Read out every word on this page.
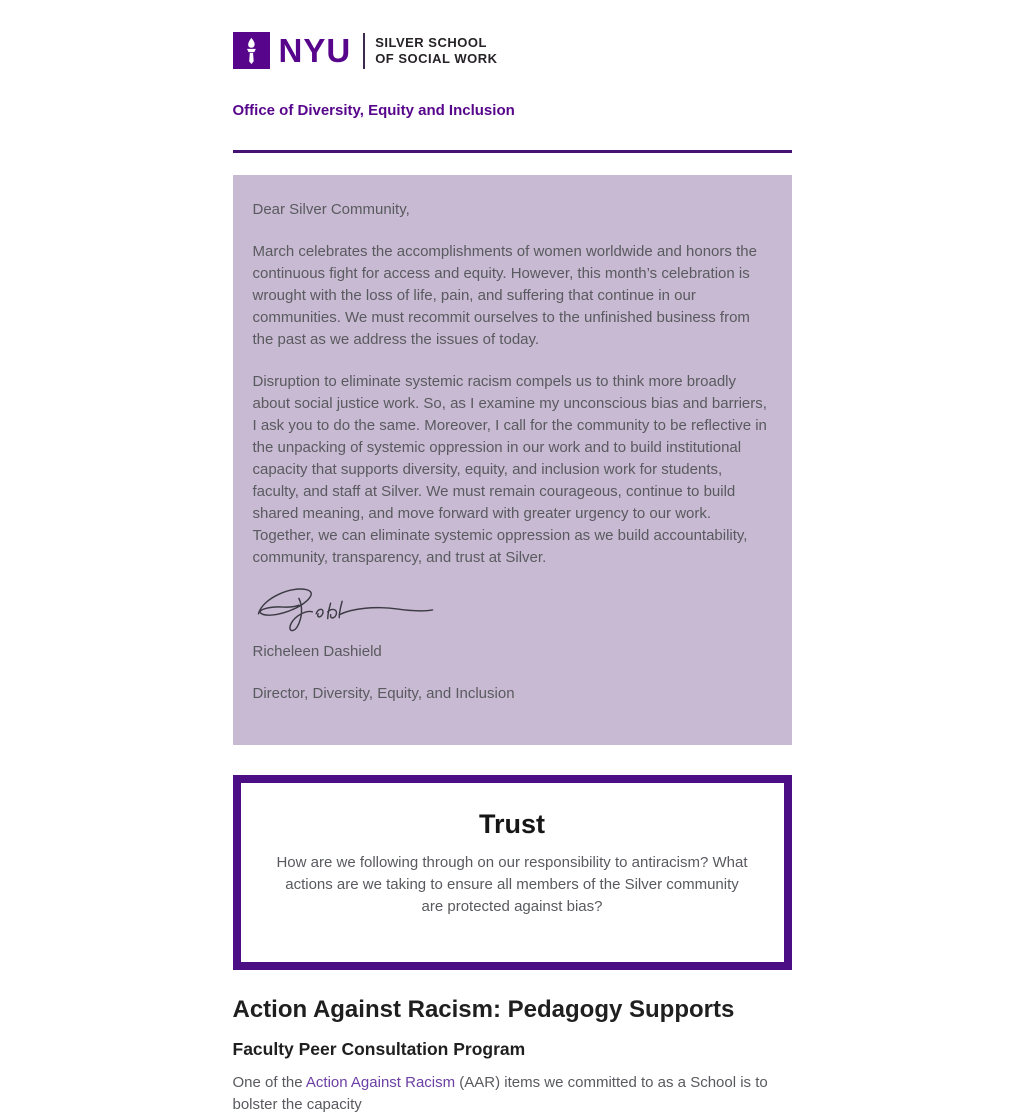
NYU SILVER SCHOOL
OF SOCIAL WORK
Office of Diversity, Equity and Inclusion

Dear Silver Community,

March celebrates the accomplishments of women worldwide and honors the continuous fight for access and equity. However, this month’s celebration is wrought with the loss of life, pain, and suffering that continue in our communities. We must recommit ourselves to the unfinished business from the past as we address the issues of today.

Disruption to eliminate systemic racism compels us to think more broadly about social justice work. So, as I examine my unconscious bias and barriers, I ask you to do the same. Moreover, I call for the community to be reflective in the unpacking of systemic oppression in our work and to build institutional capacity that supports diversity, equity, and inclusion work for students, faculty, and staff at Silver. We must remain courageous, continue to build shared meaning, and move forward with greater urgency to our work. Together, we can eliminate systemic oppression as we build accountability, community, transparency, and trust at Silver.

Richeleen Dashield

Director, Diversity, Equity, and Inclusion

Trust

How are we following through on our responsibility to antiracism? What actions are we taking to ensure all members of the Silver community are protected against bias?

Action Against Racism: Pedagogy Supports
Faculty Peer Consultation Program

One of the Action Against Racism (AAR) items we committed to as a School is to bolster the capacity
